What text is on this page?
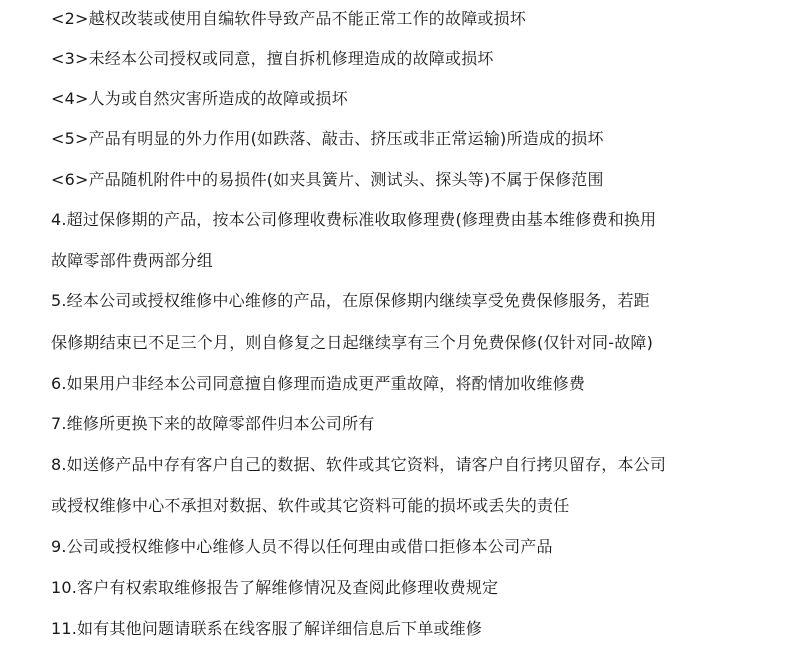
<2>越权改装或使用自编软件导致产品不能正常工作的故障或损坏
<3>未经本公司授权或同意，擅自拆机修理造成的故障或损坏
<4>人为或自然灾害所造成的故障或损坏
<5>产品有明显的外力作用(如跌落、敲击、挤压或非正常运输)所造成的损坏
<6>产品随机附件中的易损件(如夹具簧片、测试头、探头等)不属于保修范围
4.超过保修期的产品，按本公司修理收费标准收取修理费(修理费由基本维修费和换用
故障零部件费两部分组
5.经本公司或授权维修中心维修的产品，在原保修期内继续享受免费保修服务，若距
保修期结束已不足三个月，则自修复之日起继续享有三个月免费保修(仅针对同-故障)
6.如果用户非经本公司同意擅自修理而造成更严重故障，将酌情加收维修费
7.维修所更换下来的故障零部件归本公司所有
8.如送修产品中存有客户自己的数据、软件或其它资料，请客户自行拷贝留存，本公司
或授权维修中心不承担对数据、软件或其它资料可能的损坏或丢失的责任
9.公司或授权维修中心维修人员不得以任何理由或借口拒修本公司产品
10.客户有权索取维修报告了解维修情况及查阅此修理收费规定
11.如有其他问题请联系在线客服了解详细信息后下单或维修
